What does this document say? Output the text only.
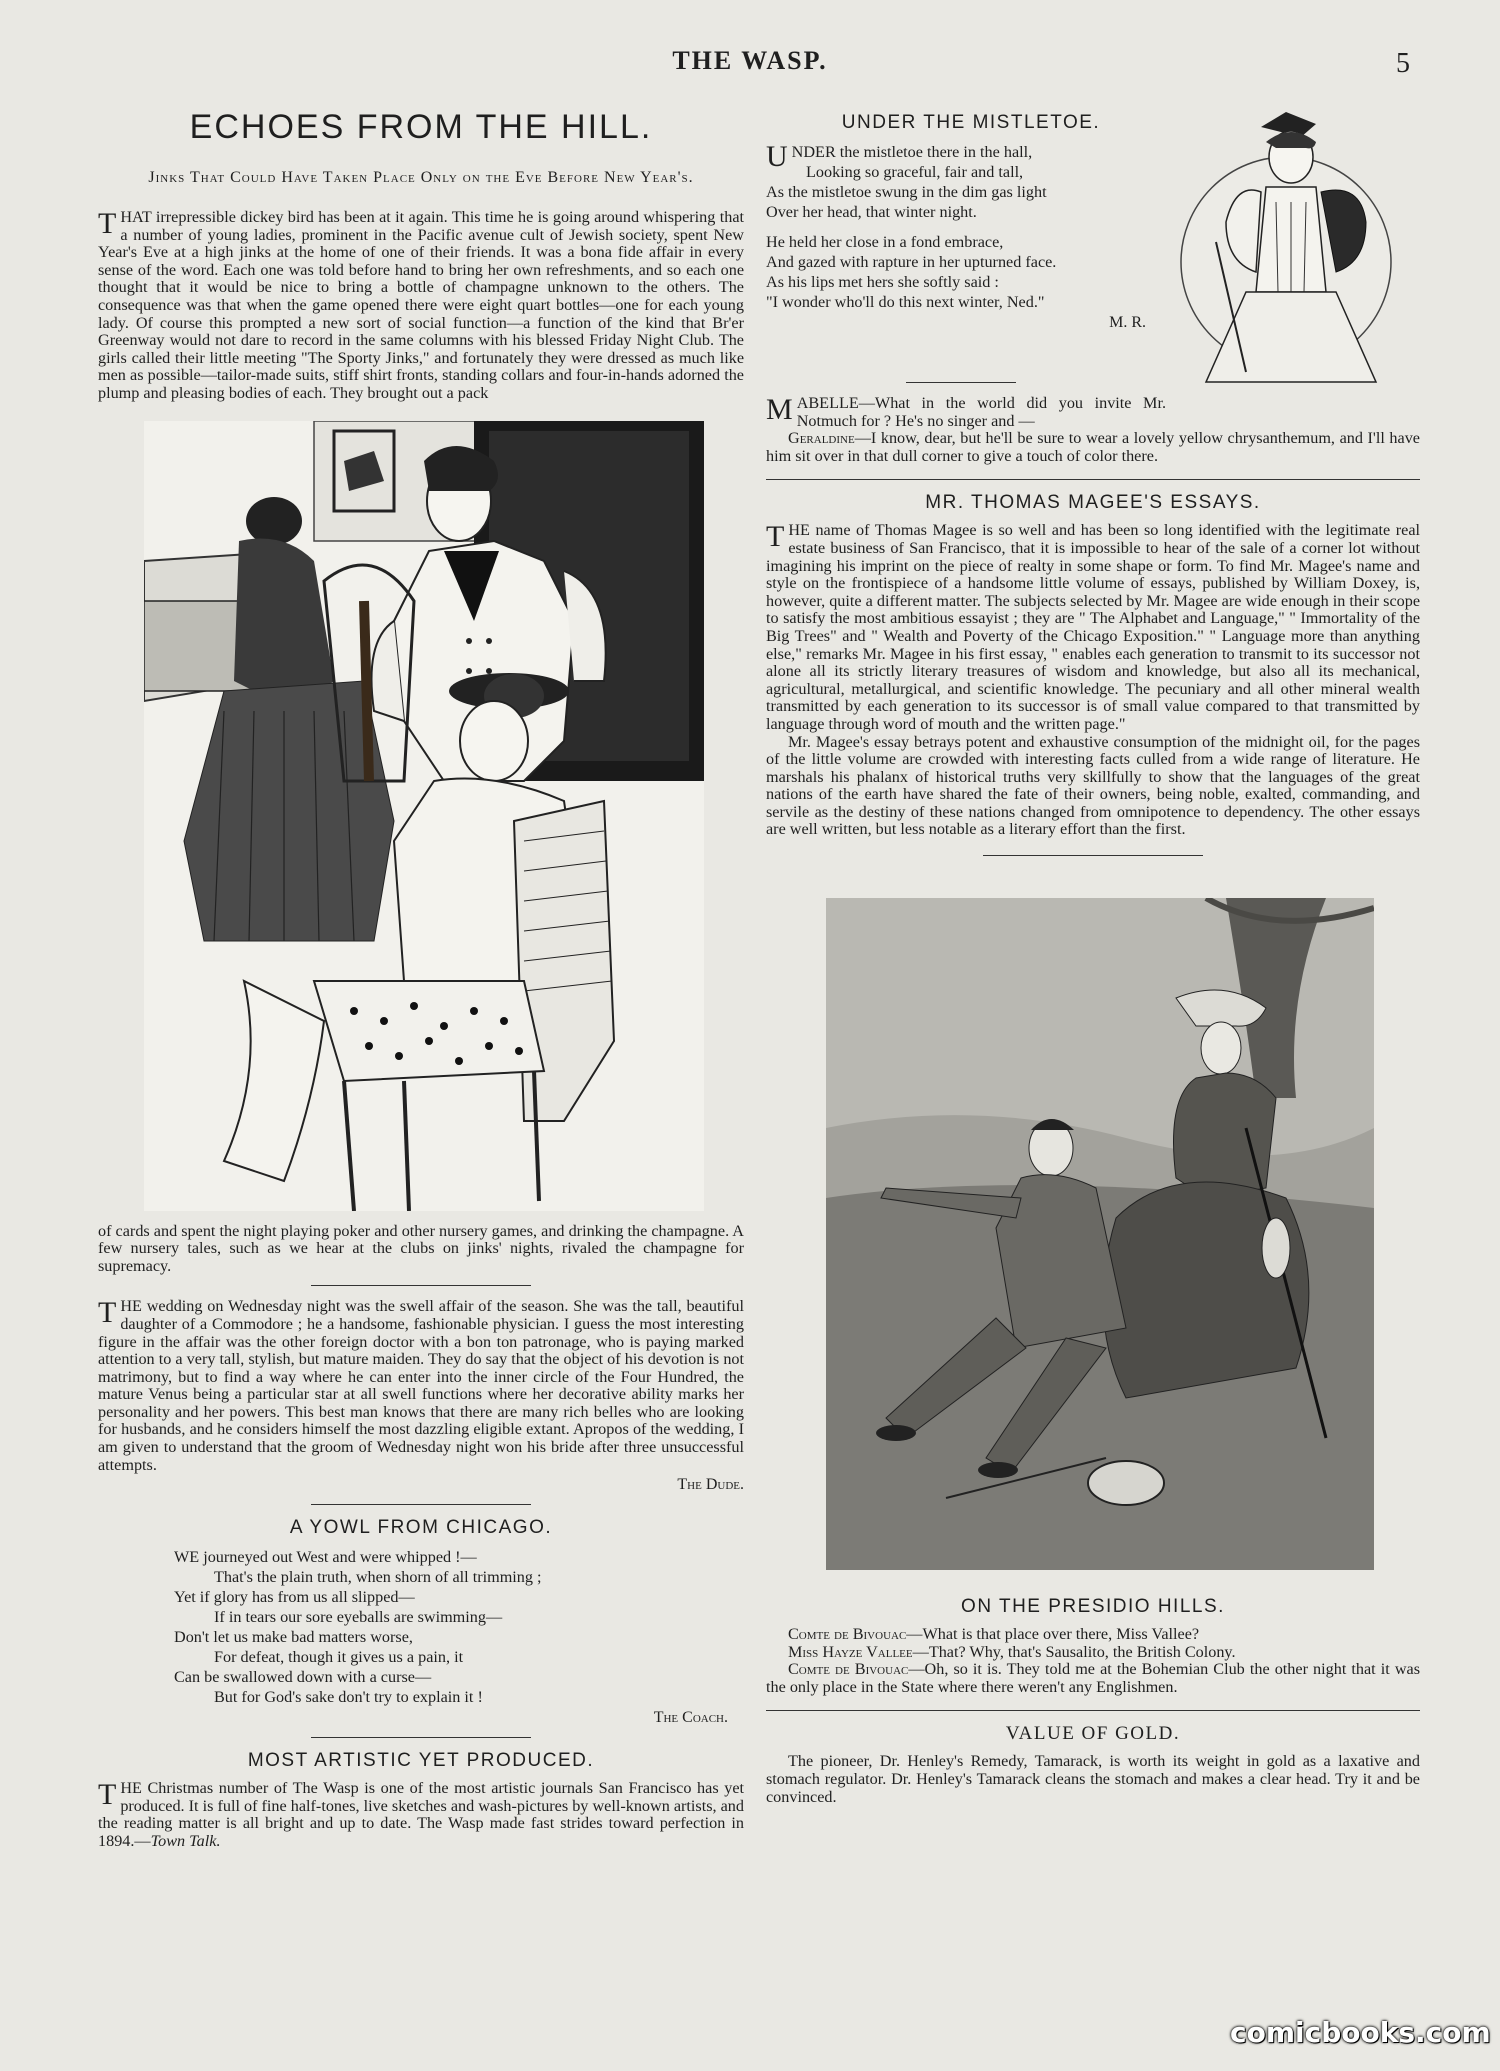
THE WASP.	5
ECHOES FROM THE HILL.
Jinks That Could Have Taken Place Only on the Eve Before New Year's.

THAT irrepressible dickey bird has been at it again. This time he is going around whispering that a number of young ladies, prominent in the Pacific avenue cult of Jewish society, spent New Year's Eve at a high jinks at the home of one of their friends. It was a bona fide affair in every sense of the word. Each one was told before hand to bring her own refreshments, and so each one thought that it would be nice to bring a bottle of champagne unknown to the others. The consequence was that when the game opened there were eight quart bottles—one for each young lady. Of course this prompted a new sort of social function—a function of the kind that Br'er Greenway would not dare to record in the same columns with his blessed Friday Night Club. The girls called their little meeting "The Sporty Jinks," and fortunately they were dressed as much like men as possible—tailor-made suits, stiff shirt fronts, standing collars and four-in-hands adorned the plump and pleasing bodies of each. They brought out a pack

of cards and spent the night playing poker and other nursery games, and drinking the champagne. A few nursery tales, such as we hear at the clubs on jinks' nights, rivaled the champagne for supremacy.

THE wedding on Wednesday night was the swell affair of the season. She was the tall, beautiful daughter of a Commodore ; he a handsome, fashionable physician. I guess the most interesting figure in the affair was the other foreign doctor with a bon ton patronage, who is paying marked attention to a very tall, stylish, but mature maiden. They do say that the object of his devotion is not matrimony, but to find a way where he can enter into the inner circle of the Four Hundred, the mature Venus being a particular star at all swell functions where her decorative ability marks her personality and her powers. This best man knows that there are many rich belles who are looking for husbands, and he considers himself the most dazzling eligible extant. Apropos of the wedding, I am given to understand that the groom of Wednesday night won his bride after three unsuccessful attempts.

The Dude.
A YOWL FROM CHICAGO.

WE journeyed out West and were whipped !—

That's the plain truth, when shorn of all trimming ;

Yet if glory has from us all slipped—

If in tears our sore eyeballs are swimming—

Don't let us make bad matters worse,

For defeat, though it gives us a pain, it

Can be swallowed down with a curse—

But for God's sake don't try to explain it !

The Coach.
MOST ARTISTIC YET PRODUCED.

THE Christmas number of The Wasp is one of the most artistic journals San Francisco has yet produced. It is full of fine half-tones, live sketches and wash-pictures by well-known artists, and the reading matter is all bright and up to date. The Wasp made fast strides toward perfection in 1894.—Town Talk.

UNDER THE MISTLETOE.

UNDER the mistletoe there in the hall,

Looking so graceful, fair and tall,

As the mistletoe swung in the dim gas light

Over her head, that winter night.

He held her close in a fond embrace,

And gazed with rapture in her upturned face.

As his lips met hers she softly said :

"I wonder who'll do this next winter, Ned."

M. R.

MABELLE—What in the world did you invite Mr. Notmuch for ? He's no singer and —

Geraldine—I know, dear, but he'll be sure to wear a lovely yellow chrysanthemum, and I'll have him sit over in that dull corner to give a touch of color there.

MR. THOMAS MAGEE'S ESSAYS.

THE name of Thomas Magee is so well and has been so long identified with the legitimate real estate business of San Francisco, that it is impossible to hear of the sale of a corner lot without imagining his imprint on the piece of realty in some shape or form. To find Mr. Magee's name and style on the frontispiece of a handsome little volume of essays, published by William Doxey, is, however, quite a different matter. The subjects selected by Mr. Magee are wide enough in their scope to satisfy the most ambitious essayist ; they are " The Alphabet and Language," " Immortality of the Big Trees" and " Wealth and Poverty of the Chicago Exposition." " Language more than anything else," remarks Mr. Magee in his first essay, " enables each generation to transmit to its successor not alone all its strictly literary treasures of wisdom and knowledge, but also all its mechanical, agricultural, metallurgical, and scientific knowledge. The pecuniary and all other mineral wealth transmitted by each generation to its successor is of small value compared to that transmitted by language through word of mouth and the written page."

Mr. Magee's essay betrays potent and exhaustive consumption of the midnight oil, for the pages of the little volume are crowded with interesting facts culled from a wide range of literature. He marshals his phalanx of historical truths very skillfully to show that the languages of the great nations of the earth have shared the fate of their owners, being noble, exalted, commanding, and servile as the destiny of these nations changed from omnipotence to dependency. The other essays are well written, but less notable as a literary effort than the first.

ON THE PRESIDIO HILLS.

Comte de Bivouac—What is that place over there, Miss Vallee?

Miss Hayze Vallee—That? Why, that's Sausalito, the British Colony.

Comte de Bivouac—Oh, so it is. They told me at the Bohemian Club the other night that it was the only place in the State where there weren't any Englishmen.

VALUE OF GOLD.

The pioneer, Dr. Henley's Remedy, Tamarack, is worth its weight in gold as a laxative and stomach regulator. Dr. Henley's Tamarack cleans the stomach and makes a clear head. Try it and be convinced.

comicbooks.com
